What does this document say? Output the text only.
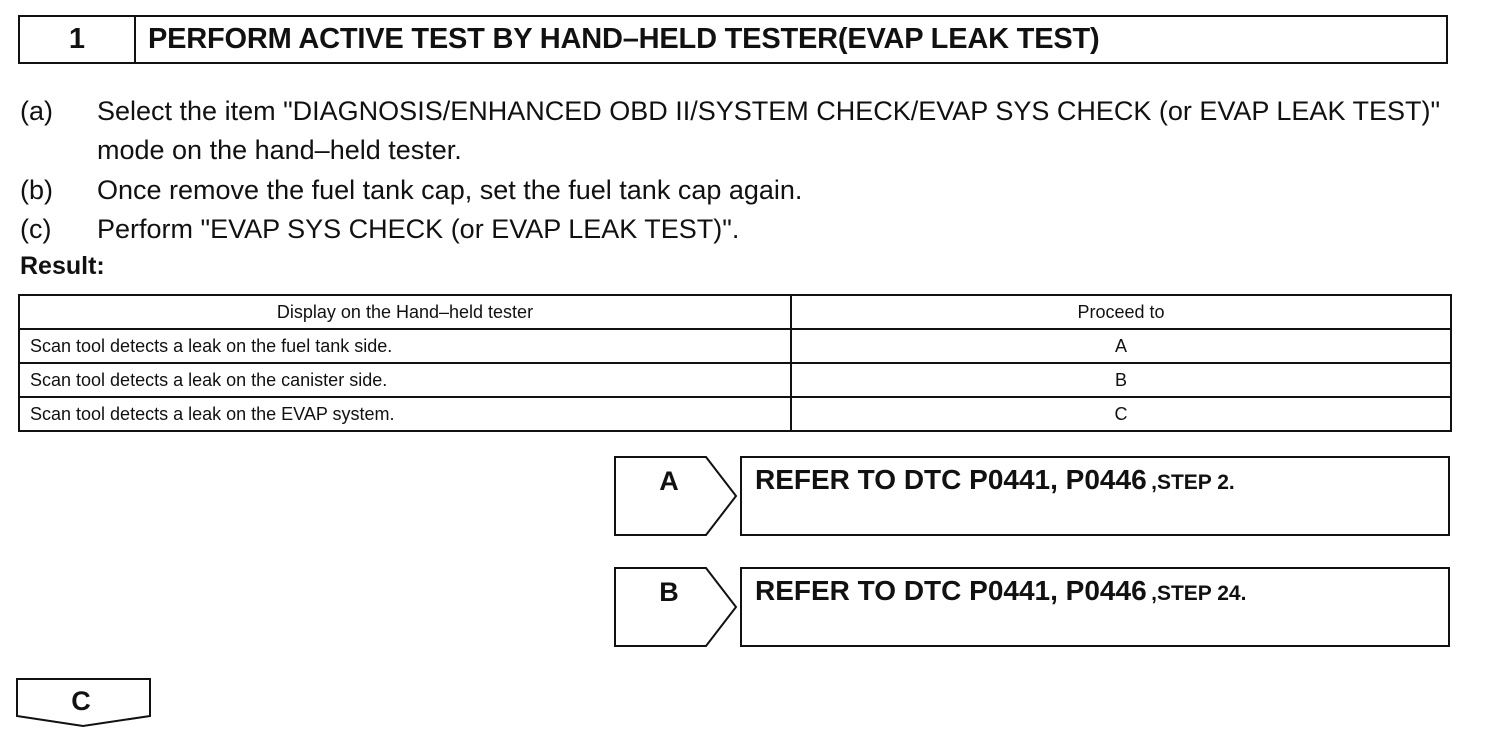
1	PERFORM ACTIVE TEST BY HAND–HELD TESTER(EVAP LEAK TEST)
(a) Select the item "DIAGNOSIS/ENHANCED OBD II/SYSTEM CHECK/EVAP SYS CHECK (or EVAP LEAK TEST)" mode on the hand–held tester.
(b) Once remove the fuel tank cap, set the fuel tank cap again.
(c) Perform "EVAP SYS CHECK (or EVAP LEAK TEST)".
Result:
Display on the Hand–held tester	Proceed to
Scan tool detects a leak on the fuel tank side.	A
Scan tool detects a leak on the canister side.	B
Scan tool detects a leak on the EVAP system.	C
A	REFER TO DTC P0441, P0446 ,STEP 2.
B	REFER TO DTC P0441, P0446 ,STEP 24.
C
